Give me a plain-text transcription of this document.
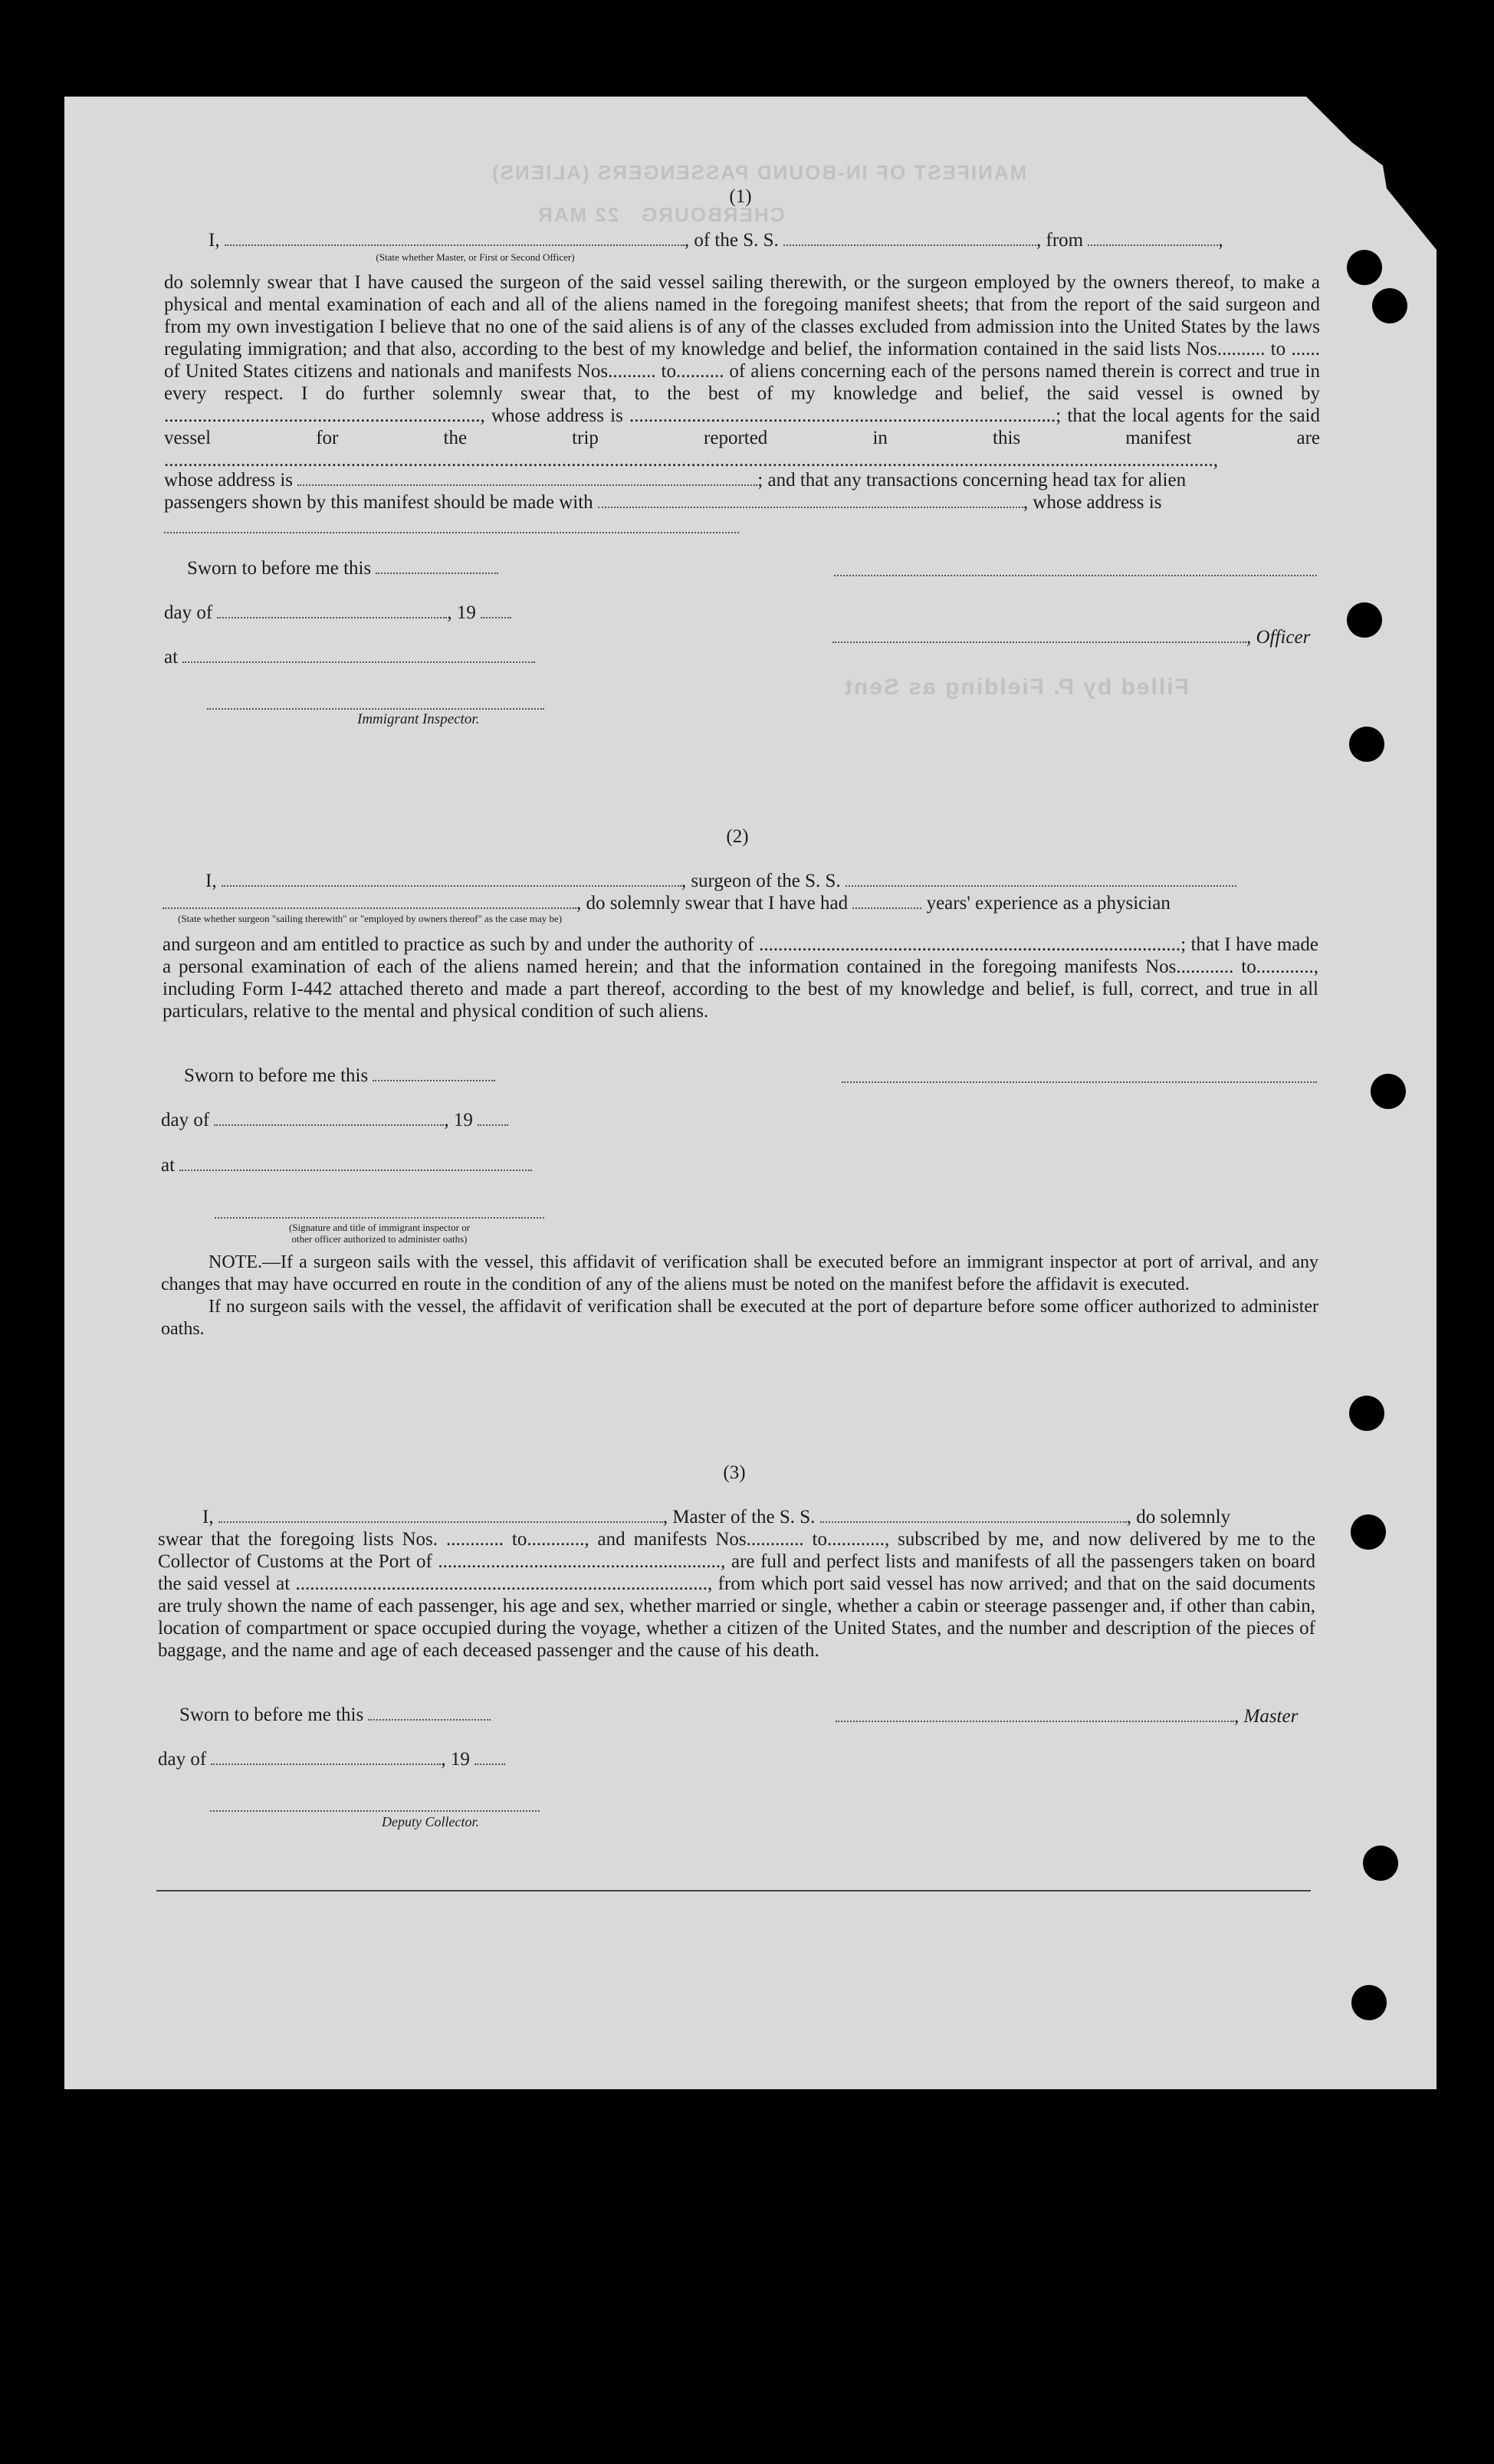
MANIFEST OF IN-BOUND PASSENGERS (ALIENS)
CHERBOURG   22 MAR
Filled by P. Fielding as Sent
(1)
I,	, of the S. S.	, from	,
(State whether Master, or First or Second Officer)

do solemnly swear that I have caused the surgeon of the said vessel sailing therewith, or the surgeon employed by the owners thereof, to make a physical and mental examination of each and all of the aliens named in the foregoing manifest sheets; that from the report of the said surgeon and from my own investigation I believe that no one of the said aliens is of any of the classes excluded from admission into the United States by the laws regulating immigration; and that also, according to the best of my knowledge and belief, the information contained in the said lists Nos.......... to ...... of United States citizens and nationals and manifests Nos.......... to.......... of aliens concerning each of the persons named therein is correct and true in every respect. I do further solemnly swear that, to the best of my knowledge and belief, the said vessel is owned by .................................................................., whose address is .........................................................................................; that the local agents for the said vessel for the trip reported in this manifest are ...........................................................................................................................................................................................................................,

whose address is	; and that any transactions concerning head tax for alien
passengers shown by this manifest should be made with	, whose address is
Sworn to before me this
day of	, 19
, Officer
at
Immigrant Inspector.
(2)
I,	, surgeon of the S. S.
, do solemnly swear that I have had	years' experience as a physician
(State whether surgeon "sailing therewith" or "employed by owners thereof" as the case may be)

and surgeon and am entitled to practice as such by and under the authority of ........................................................................................; that I have made a personal examination of each of the aliens named herein; and that the information contained in the foregoing manifests Nos............ to............, including Form I-442 attached thereto and made a part thereof, according to the best of my knowledge and belief, is full, correct, and true in all particulars, relative to the mental and physical condition of such aliens.

Sworn to before me this
day of	, 19
at
(Signature and title of immigrant inspector or
other officer authorized to administer oaths)

NOTE.—If a surgeon sails with the vessel, this affidavit of verification shall be executed before an immigrant inspector at port of arrival, and any changes that may have occurred en route in the condition of any of the aliens must be noted on the manifest before the affidavit is executed.

If no surgeon sails with the vessel, the affidavit of verification shall be executed at the port of departure before some officer authorized to administer oaths.

(3)
I,	, Master of the S. S.	, do solemnly

swear that the foregoing lists Nos. ............ to............, and manifests Nos............ to............, subscribed by me, and now delivered by me to the Collector of Customs at the Port of ..........................................................., are full and perfect lists and manifests of all the passengers taken on board the said vessel at ......................................................................................, from which port said vessel has now arrived; and that on the said documents are truly shown the name of each passenger, his age and sex, whether married or single, whether a cabin or steerage passenger and, if other than cabin, location of compartment or space occupied during the voyage, whether a citizen of the United States, and the number and description of the pieces of baggage, and the name and age of each deceased passenger and the cause of his death.

Sworn to before me this	, Master
day of	, 19
Deputy Collector.
